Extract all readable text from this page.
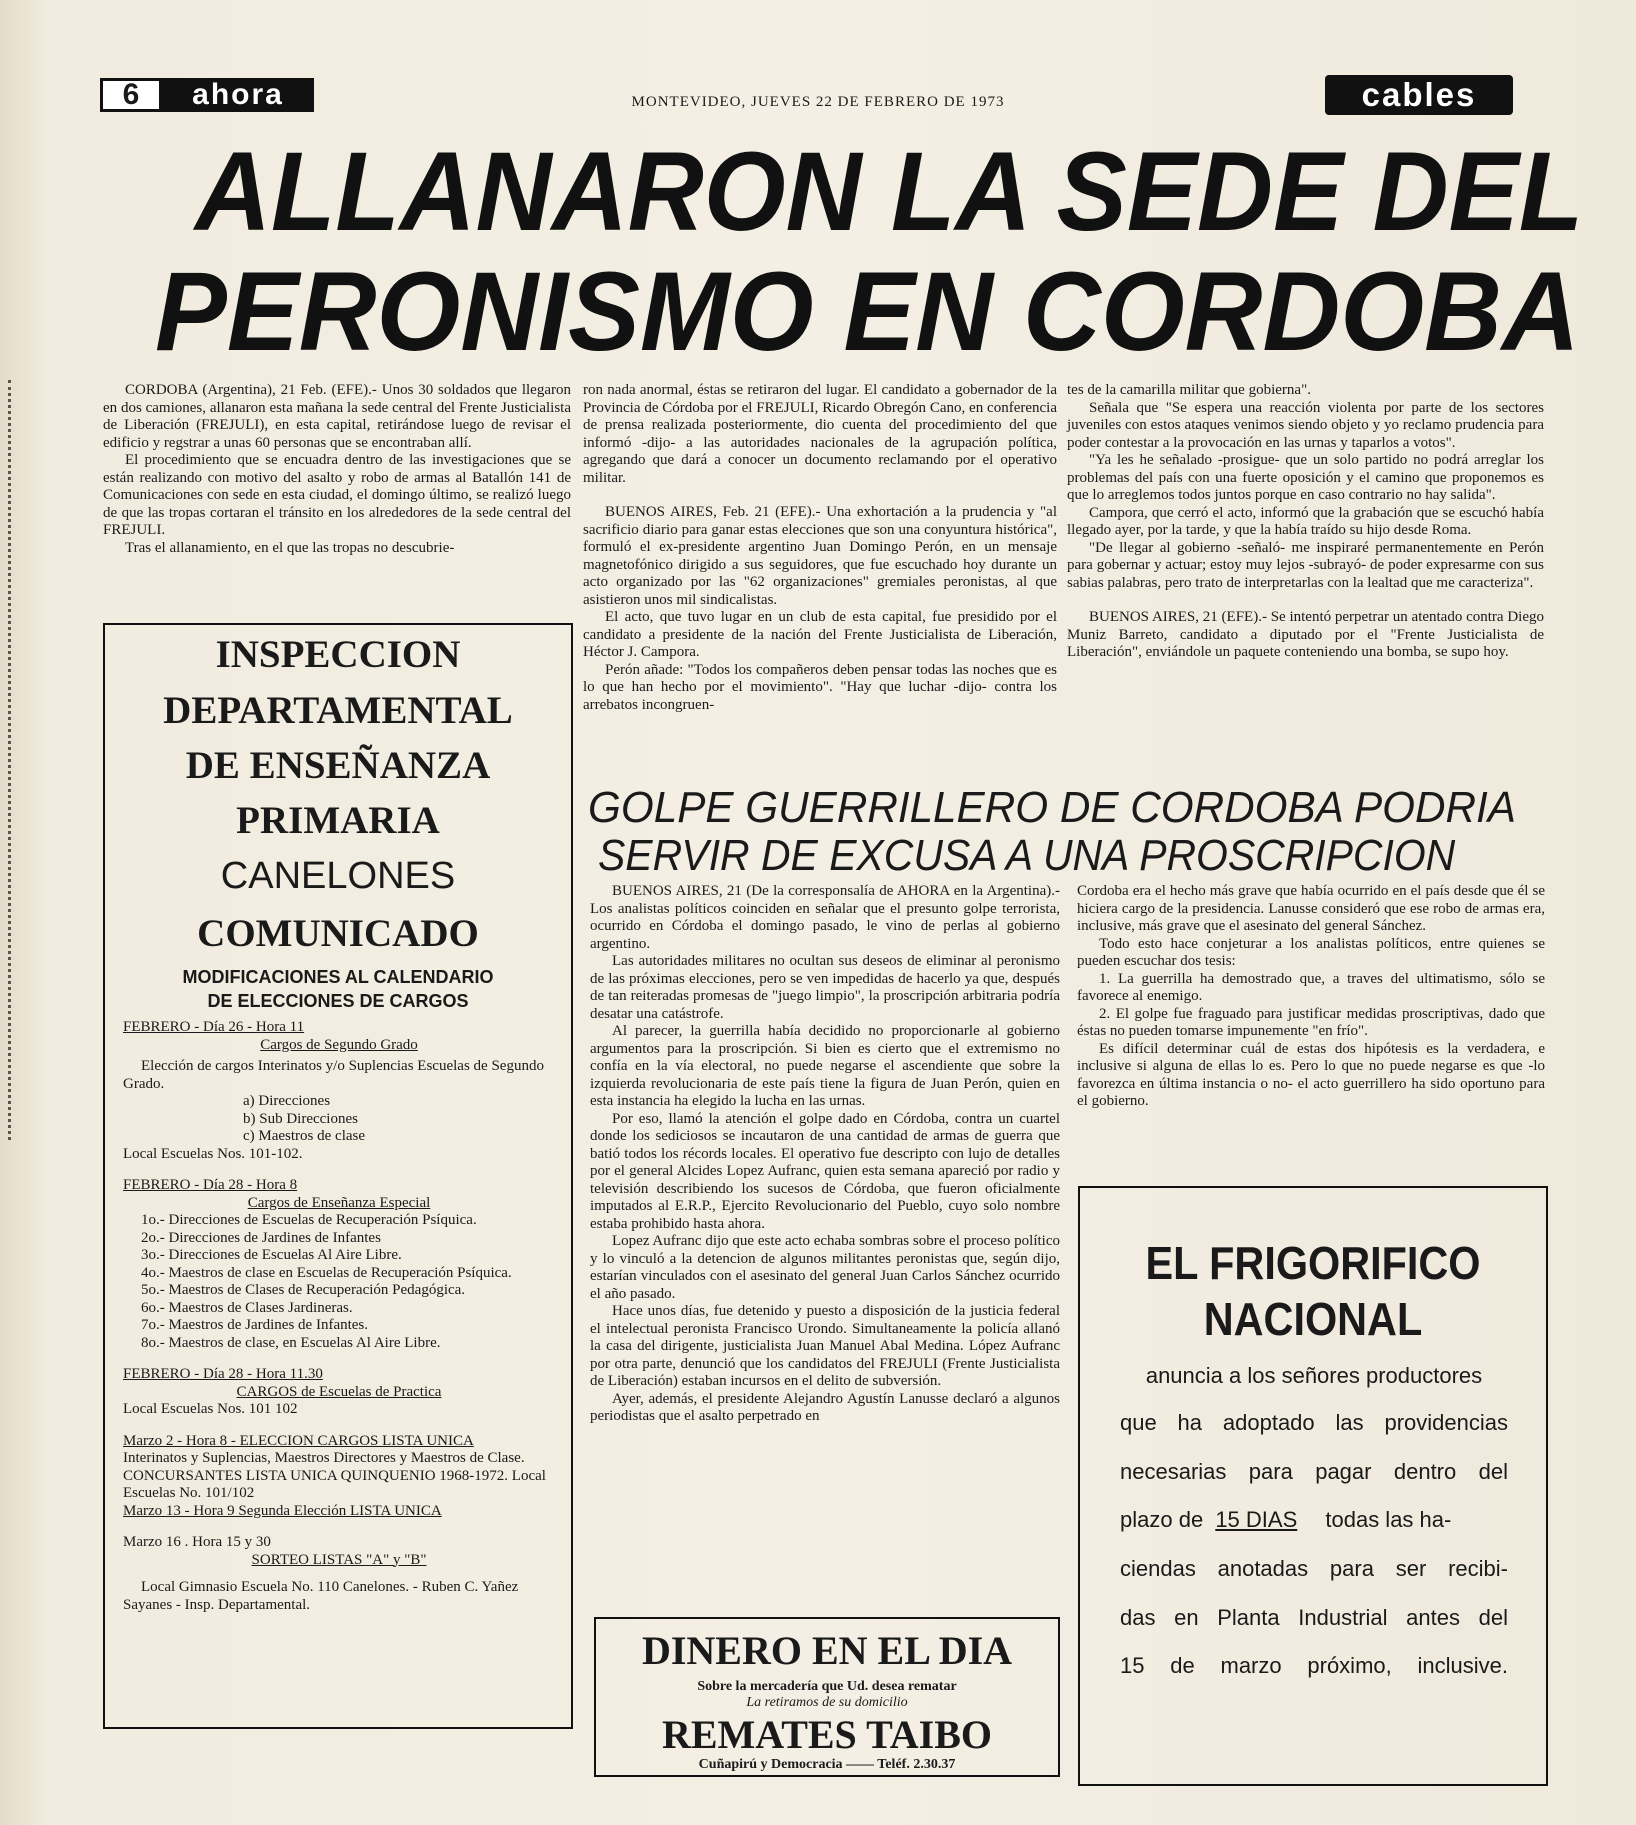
6	ahora	MONTEVIDEO, JUEVES 22 DE FEBRERO DE 1973	cables
ALLANARON LA SEDE DEL
PERONISMO EN CORDOBA

CORDOBA (Argentina), 21 Feb. (EFE).- Unos 30 soldados que llegaron en dos camiones, allanaron esta mañana la sede central del Frente Justicialista de Liberación (FREJULI), en esta capital, retirándose luego de revisar el edificio y regstrar a unas 60 personas que se encontraban allí.

El procedimiento que se encuadra dentro de las investigaciones que se están realizando con motivo del asalto y robo de armas al Batallón 141 de Comunicaciones con sede en esta ciudad, el domingo último, se realizó luego de que las tropas cortaran el tránsito en los alrededores de la sede central del FREJULI.

Tras el allanamiento, en el que las tropas no descubrie-

ron nada anormal, éstas se retiraron del lugar. El candidato a gobernador de la Provincia de Córdoba por el FREJULI, Ricardo Obregón Cano, en conferencia de prensa realizada posteriormente, dio cuenta del procedimiento del que informó -dijo- a las autoridades nacionales de la agrupación política, agregando que dará a conocer un documento reclamando por el operativo militar.

BUENOS AIRES, Feb. 21 (EFE).- Una exhortación a la prudencia y "al sacrificio diario para ganar estas elecciones que son una conyuntura histórica", formuló el ex-presidente argentino Juan Domingo Perón, en un mensaje magnetofónico dirigido a sus seguidores, que fue escuchado hoy durante un acto organizado por las "62 organizaciones" gremiales peronistas, al que asistieron unos mil sindicalistas.

El acto, que tuvo lugar en un club de esta capital, fue presidido por el candidato a presidente de la nación del Frente Justicialista de Liberación, Héctor J. Campora.

Perón añade: "Todos los compañeros deben pensar todas las noches que es lo que han hecho por el movimiento". "Hay que luchar -dijo- contra los arrebatos incongruen-

tes de la camarilla militar que gobierna".

Señala que "Se espera una reacción violenta por parte de los sectores juveniles con estos ataques venimos siendo objeto y yo reclamo prudencia para poder contestar a la provocación en las urnas y taparlos a votos".

"Ya les he señalado -prosigue- que un solo partido no podrá arreglar los problemas del país con una fuerte oposición y el camino que proponemos es que lo arreglemos todos juntos porque en caso contrario no hay salida".

Campora, que cerró el acto, informó que la grabación que se escuchó había llegado ayer, por la tarde, y que la había traído su hijo desde Roma.

"De llegar al gobierno -señaló- me inspiraré permanentemente en Perón para gobernar y actuar; estoy muy lejos -subrayó- de poder expresarme con sus sabias palabras, pero trato de interpretarlas con la lealtad que me caracteriza".

BUENOS AIRES, 21 (EFE).- Se intentó perpetrar un atentado contra Diego Muniz Barreto, candidato a diputado por el "Frente Justicialista de Liberación", enviándole un paquete conteniendo una bomba, se supo hoy.

INSPECCION
DEPARTAMENTAL
DE ENSEÑANZA
PRIMARIA
CANELONES
COMUNICADO
MODIFICACIONES AL CALENDARIO
DE ELECCIONES DE CARGOS
FEBRERO - Día 26 - Hora 11
Cargos de Segundo Grado
Elección de cargos Interinatos y/o Suplencias Escuelas de Segundo Grado.
a) Direcciones
b) Sub Direcciones
c) Maestros de clase
Local Escuelas Nos. 101-102.
FEBRERO - Día 28 - Hora 8
Cargos de Enseñanza Especial
1o.- Direcciones de Escuelas de Recuperación Psíquica.
2o.- Direcciones de Jardines de Infantes
3o.- Direcciones de Escuelas Al Aire Libre.
4o.- Maestros de clase en Escuelas de Recuperación Psíquica.
5o.- Maestros de Clases de Recuperación Pedagógica.
6o.- Maestros de Clases Jardineras.
7o.- Maestros de Jardines de Infantes.
8o.- Maestros de clase, en Escuelas Al Aire Libre.
FEBRERO - Día 28 - Hora 11.30
CARGOS de Escuelas de Practica
Local Escuelas Nos. 101 102
Marzo 2 - Hora 8 - ELECCION CARGOS LISTA UNICA
Interinatos y Suplencias, Maestros Directores y Maestros de Clase. CONCURSANTES LISTA UNICA QUINQUENIO 1968-1972. Local Escuelas No. 101/102
Marzo 13 - Hora 9 Segunda Elección LISTA UNICA
Marzo 16 . Hora 15 y 30
SORTEO LISTAS "A" y "B"
Local Gimnasio Escuela No. 110 Canelones. - Ruben C. Yañez Sayanes - Insp. Departamental.
GOLPE GUERRILLERO DE CORDOBA PODRIA
SERVIR DE EXCUSA A UNA PROSCRIPCION

BUENOS AIRES, 21 (De la corresponsalía de AHORA en la Argentina).- Los analistas políticos coinciden en señalar que el presunto golpe terrorista, ocurrido en Córdoba el domingo pasado, le vino de perlas al gobierno argentino.

Las autoridades militares no ocultan sus deseos de eliminar al peronismo de las próximas elecciones, pero se ven impedidas de hacerlo ya que, después de tan reiteradas promesas de "juego limpio", la proscripción arbitraria podría desatar una catástrofe.

Al parecer, la guerrilla había decidido no proporcionarle al gobierno argumentos para la proscripción. Si bien es cierto que el extremismo no confía en la vía electoral, no puede negarse el ascendiente que sobre la izquierda revolucionaria de este país tiene la figura de Juan Perón, quien en esta instancia ha elegido la lucha en las urnas.

Por eso, llamó la atención el golpe dado en Córdoba, contra un cuartel donde los sediciosos se incautaron de una cantidad de armas de guerra que batió todos los récords locales. El operativo fue descripto con lujo de detalles por el general Alcides Lopez Aufranc, quien esta semana apareció por radio y televisión describiendo los sucesos de Córdoba, que fueron oficialmente imputados al E.R.P., Ejercito Revolucionario del Pueblo, cuyo solo nombre estaba prohibido hasta ahora.

Lopez Aufranc dijo que este acto echaba sombras sobre el proceso político y lo vinculó a la detencion de algunos militantes peronistas que, según dijo, estarían vinculados con el asesinato del general Juan Carlos Sánchez ocurrido el año pasado.

Hace unos días, fue detenido y puesto a disposición de la justicia federal el intelectual peronista Francisco Urondo. Simultaneamente la policía allanó la casa del dirigente, justicialista Juan Manuel Abal Medina. López Aufranc por otra parte, denunció que los candidatos del FREJULI (Frente Justicialista de Liberación) estaban incursos en el delito de subversión.

Ayer, además, el presidente Alejandro Agustín Lanusse declaró a algunos periodistas que el asalto perpetrado en

Cordoba era el hecho más grave que había ocurrido en el país desde que él se hiciera cargo de la presidencia. Lanusse consideró que ese robo de armas era, inclusive, más grave que el asesinato del general Sánchez.

Todo esto hace conjeturar a los analistas políticos, entre quienes se pueden escuchar dos tesis:

1. La guerrilla ha demostrado que, a traves del ultimatismo, sólo se favorece al enemigo.

2. El golpe fue fraguado para justificar medidas proscriptivas, dado que éstas no pueden tomarse impunemente "en frío".

Es difícil determinar cuál de estas dos hipótesis es la verdadera, e inclusive si alguna de ellas lo es. Pero lo que no puede negarse es que -lo favorezca en última instancia o no- el acto guerrillero ha sido oportuno para el gobierno.

DINERO EN EL DIA
Sobre la mercadería que Ud. desea rematar
La retiramos de su domicilio
REMATES TAIBO
Cuñapirú y Democracia —— Teléf. 2.30.37
EL FRIGORIFICO
NACIONAL
anuncia a los señores productores
que ha adoptado las providencias
necesarias para pagar dentro del
plazo de 15 DIAS todas las ha-
ciendas anotadas para ser recibi-
das en Planta Industrial antes del
15 de marzo próximo, inclusive.
